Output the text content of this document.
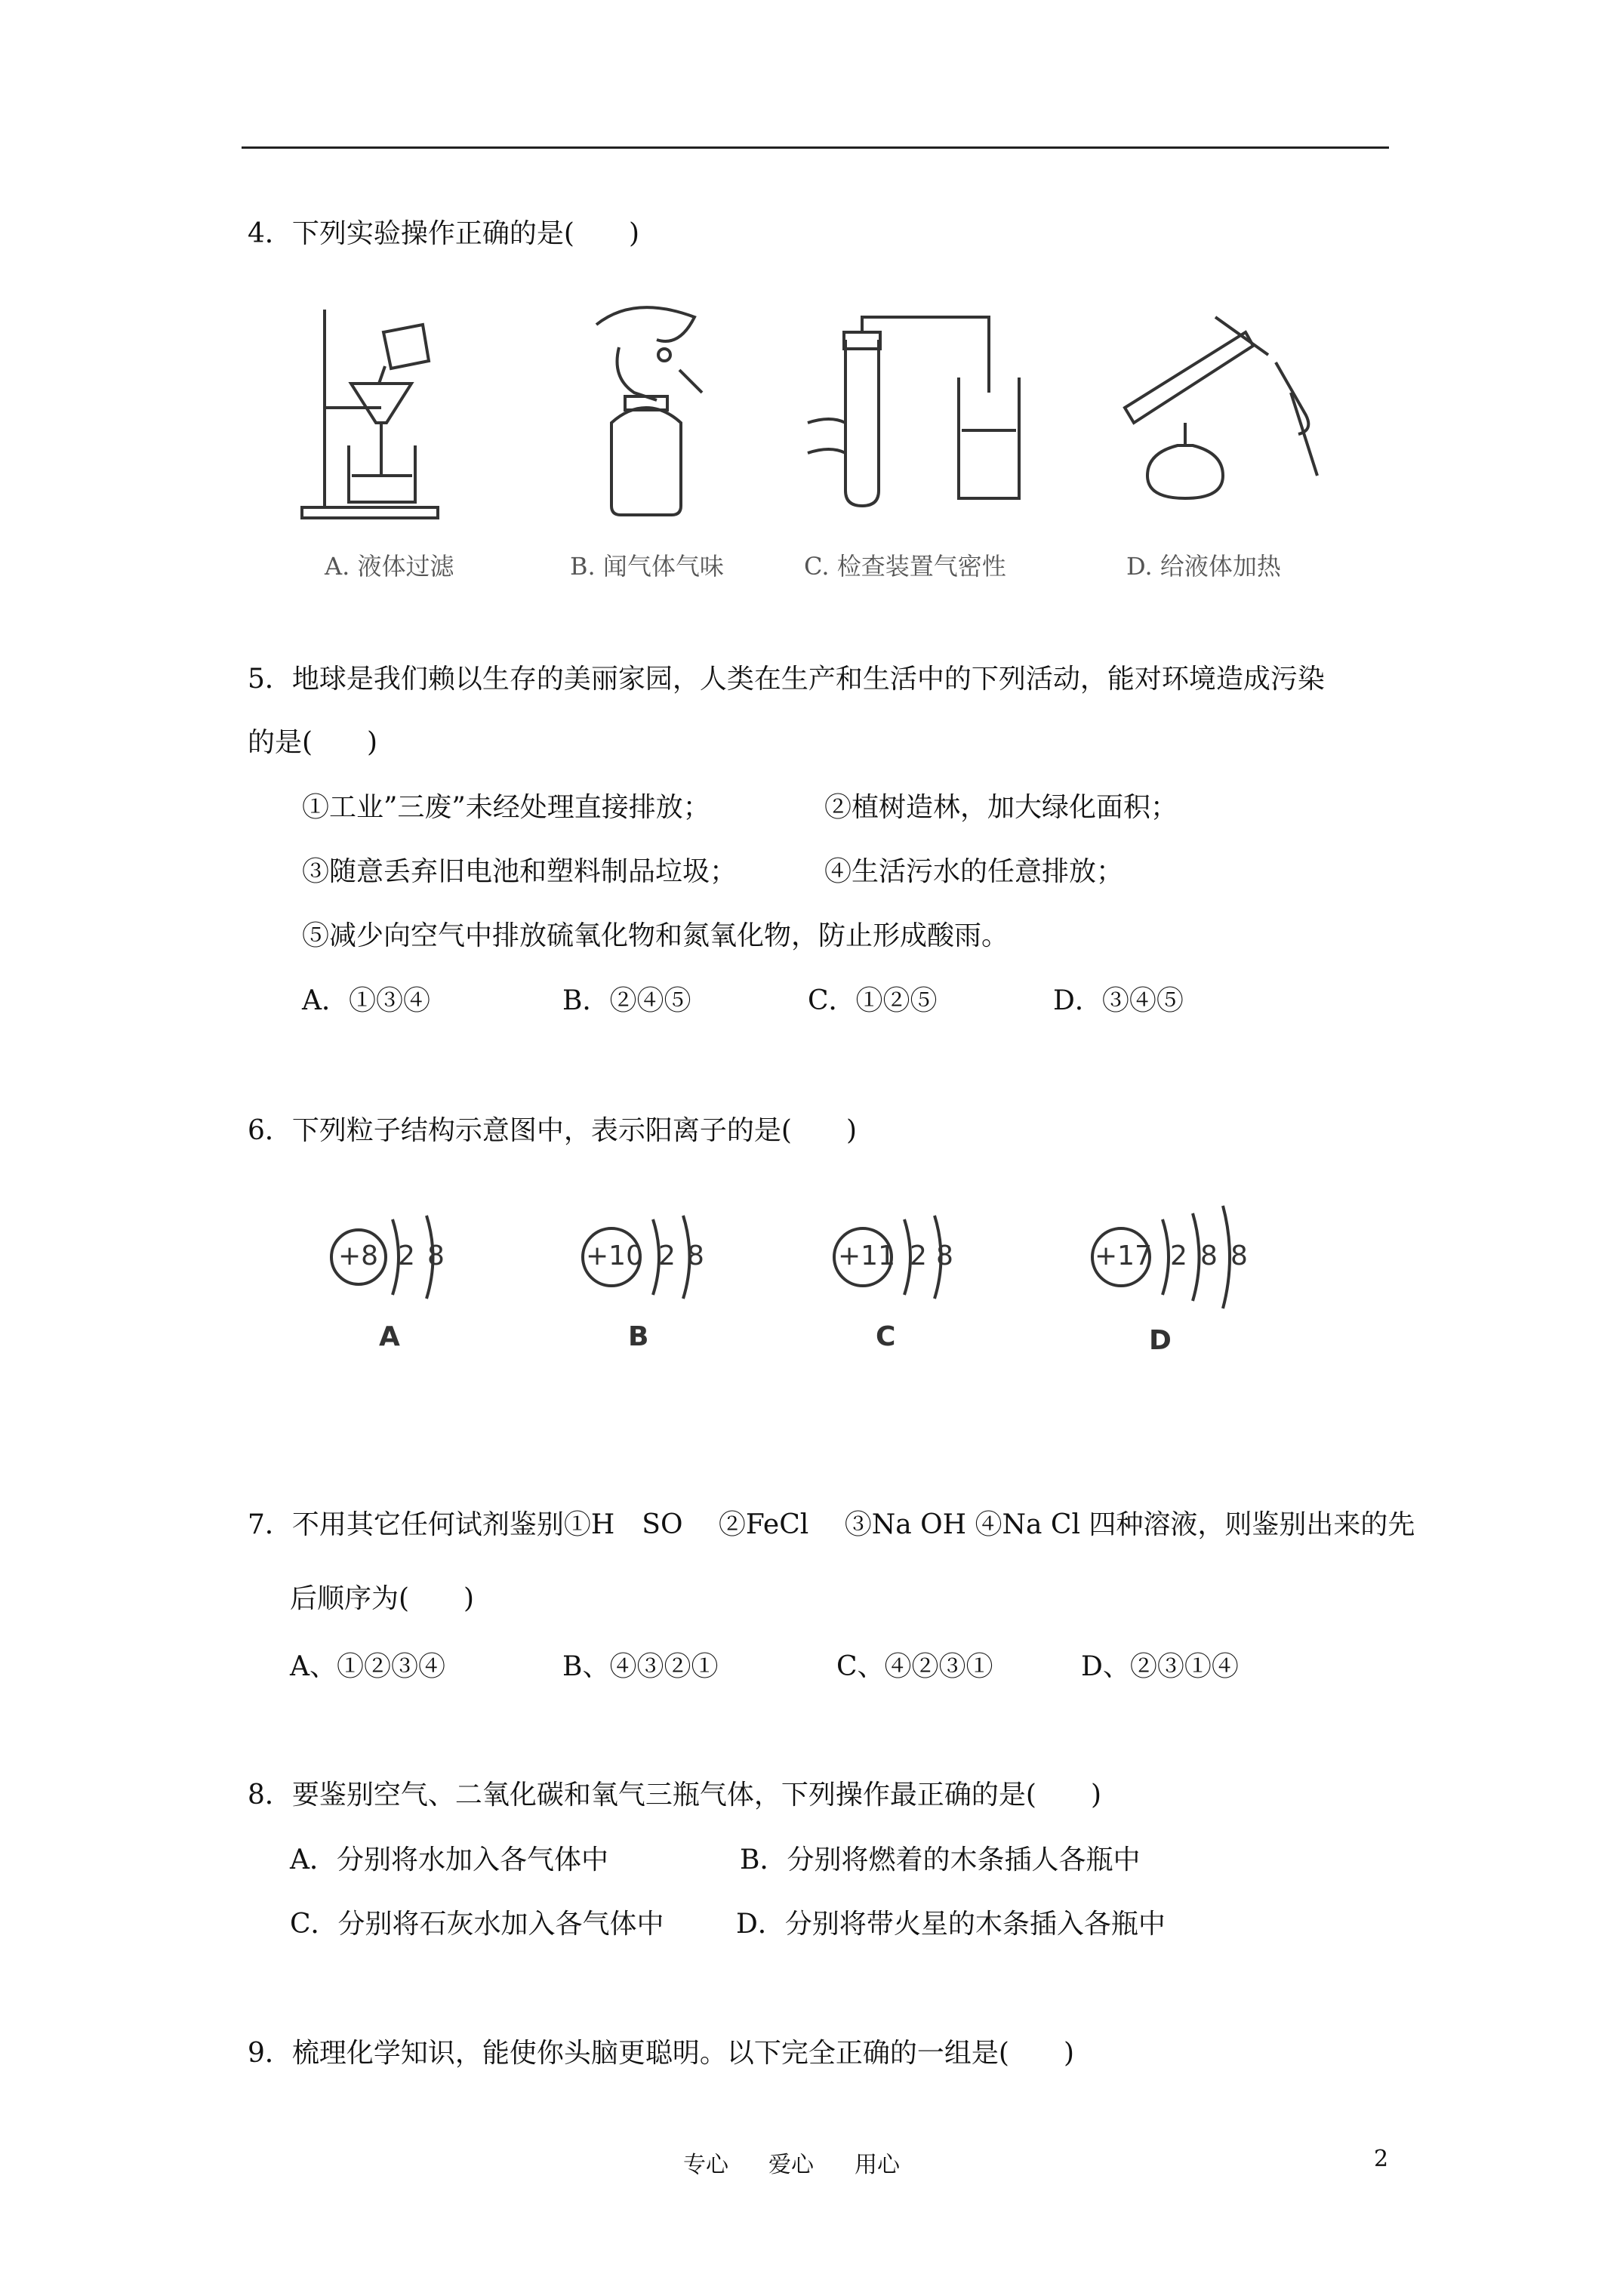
4．下列实验操作正确的是(　　)
A. 液体过滤	B. 闻气体气味	C. 检查装置气密性	D. 给液体加热
5．地球是我们赖以生存的美丽家园，人类在生产和生活中的下列活动，能对环境造成污染
的是(　　)
①工业”三废”未经处理直接排放；	②植树造林，加大绿化面积；
③随意丢弃旧电池和塑料制品垃圾；	④生活污水的任意排放；
⑤减少向空气中排放硫氧化物和氮氧化物，防止形成酸雨。
A．①③④	B．②④⑤	C．①②⑤	D．③④⑤
6．下列粒子结构示意图中，表示阳离子的是(　　)
+8 2 8
A
+10 2 8
B
+11 2 8
C
+17 2 8 8
D
7．不用其它任何试剂鉴别①H　SO　 ②FeCl　 ③Na OH ④Na Cl 四种溶液，则鉴别出来的先
后顺序为(　　)
A、①②③④	B、④③②①	C、④②③①	D、②③①④
8．要鉴别空气、二氧化碳和氧气三瓶气体，下列操作最正确的是(　　)
A．分别将水加入各气体中	B．分别将燃着的木条插人各瓶中
C．分别将石灰水加入各气体中	D．分别将带火星的木条插入各瓶中
9．梳理化学知识，能使你头脑更聪明。以下完全正确的一组是(　　)
专心 爱心 用心	2
